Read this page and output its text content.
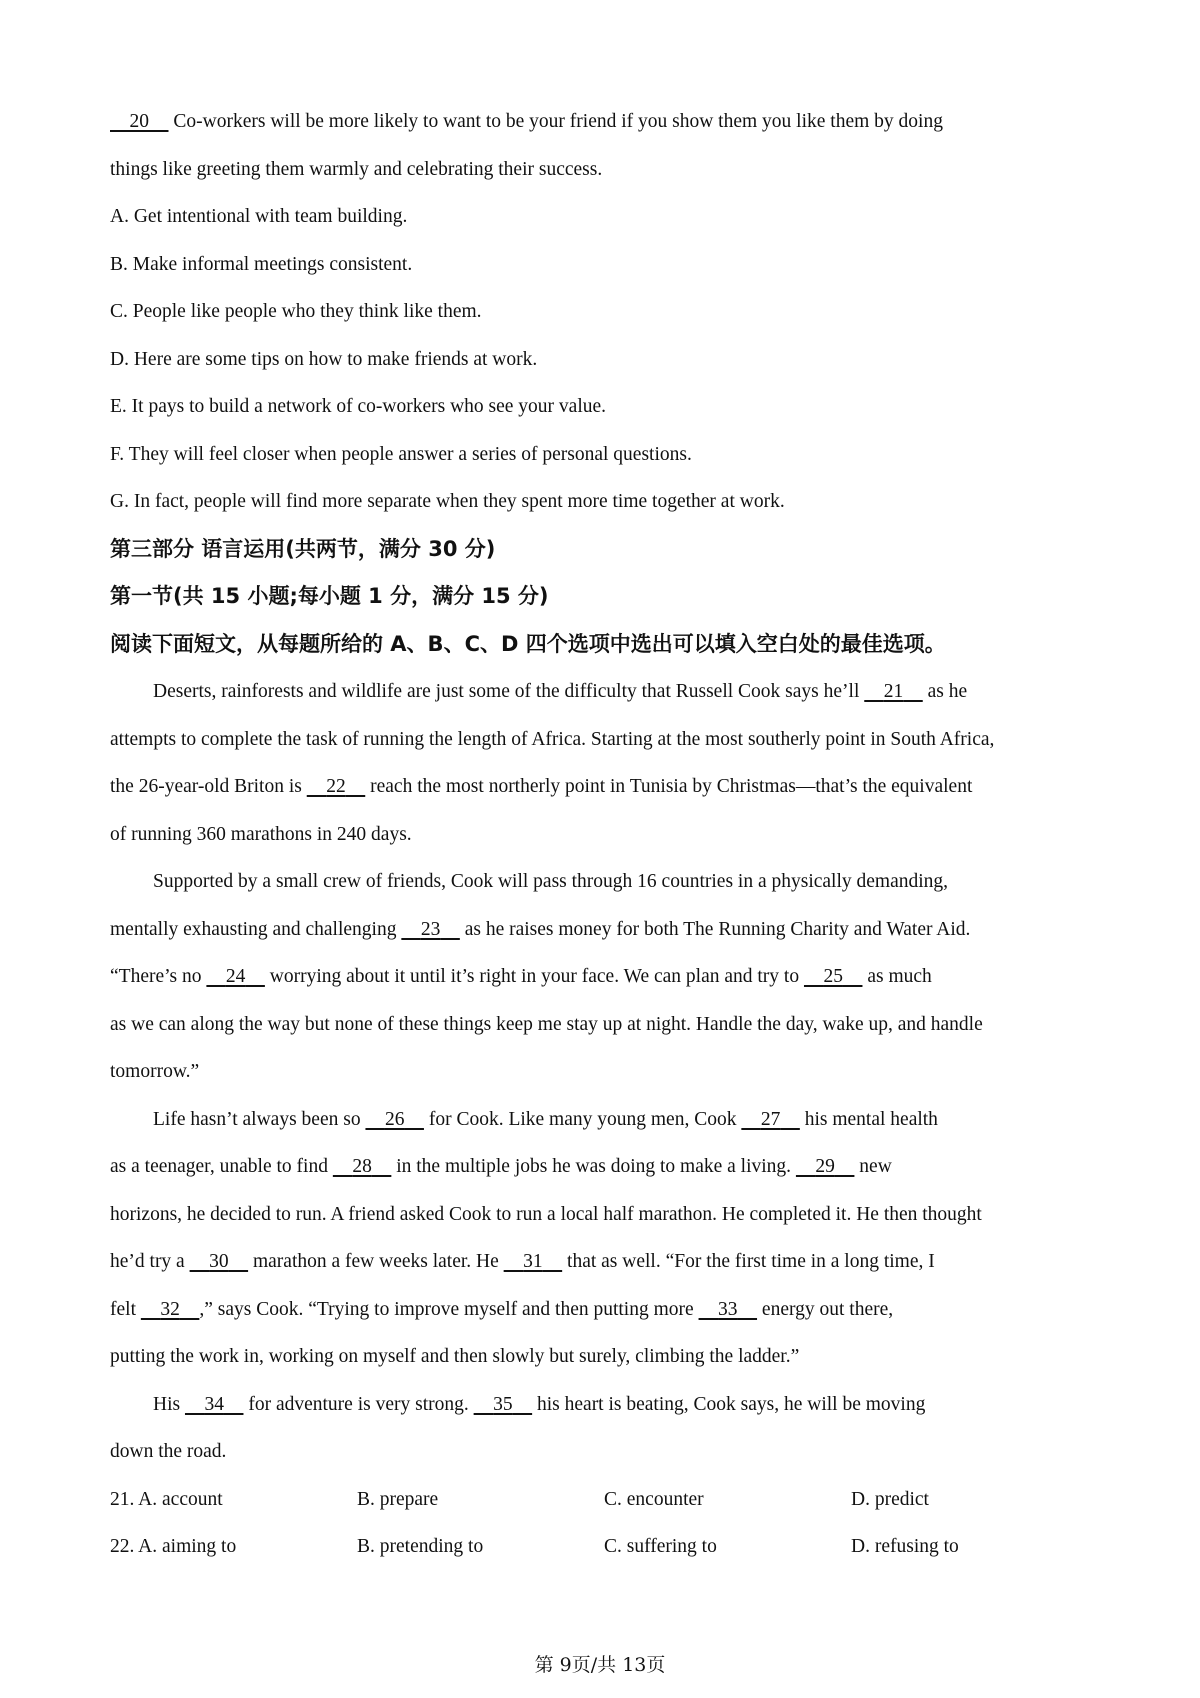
20 Co-workers will be more likely to want to be your friend if you show them you like them by doing
things like greeting them warmly and celebrating their success.
A. Get intentional with team building.
B. Make informal meetings consistent.
C. People like people who they think like them.
D. Here are some tips on how to make friends at work.
E. It pays to build a network of co-workers who see your value.
F. They will feel closer when people answer a series of personal questions.
G. In fact, people will find more separate when they spent more time together at work.
第三部分 语言运用(共两节，满分 30 分)
第一节(共 15 小题;每小题 1 分，满分 15 分)
阅读下面短文，从每题所给的 A、B、C、D 四个选项中选出可以填入空白处的最佳选项。
Deserts, rainforests and wildlife are just some of the difficulty that Russell Cook says he’ll 21 as he
attempts to complete the task of running the length of Africa. Starting at the most southerly point in South Africa,
the 26-year-old Briton is 22 reach the most northerly point in Tunisia by Christmas—that’s the equivalent
of running 360 marathons in 240 days.
Supported by a small crew of friends, Cook will pass through 16 countries in a physically demanding,
mentally exhausting and challenging 23 as he raises money for both The Running Charity and Water Aid.
“There’s no 24 worrying about it until it’s right in your face. We can plan and try to 25 as much
as we can along the way but none of these things keep me stay up at night. Handle the day, wake up, and handle
tomorrow.”
Life hasn’t always been so 26 for Cook. Like many young men, Cook 27 his mental health
as a teenager, unable to find 28 in the multiple jobs he was doing to make a living. 29 new
horizons, he decided to run. A friend asked Cook to run a local half marathon. He completed it. He then thought
he’d try a 30 marathon a few weeks later. He 31 that as well. “For the first time in a long time, I
felt 32 ,” says Cook. “Trying to improve myself and then putting more 33 energy out there,
putting the work in, working on myself and then slowly but surely, climbing the ladder.”
His 34 for adventure is very strong. 35 his heart is beating, Cook says, he will be moving
down the road.
21. A. account	B. prepare	C. encounter	D. predict
22. A. aiming to	B. pretending to	C. suffering to	D. refusing to
第 9页/共 13页
